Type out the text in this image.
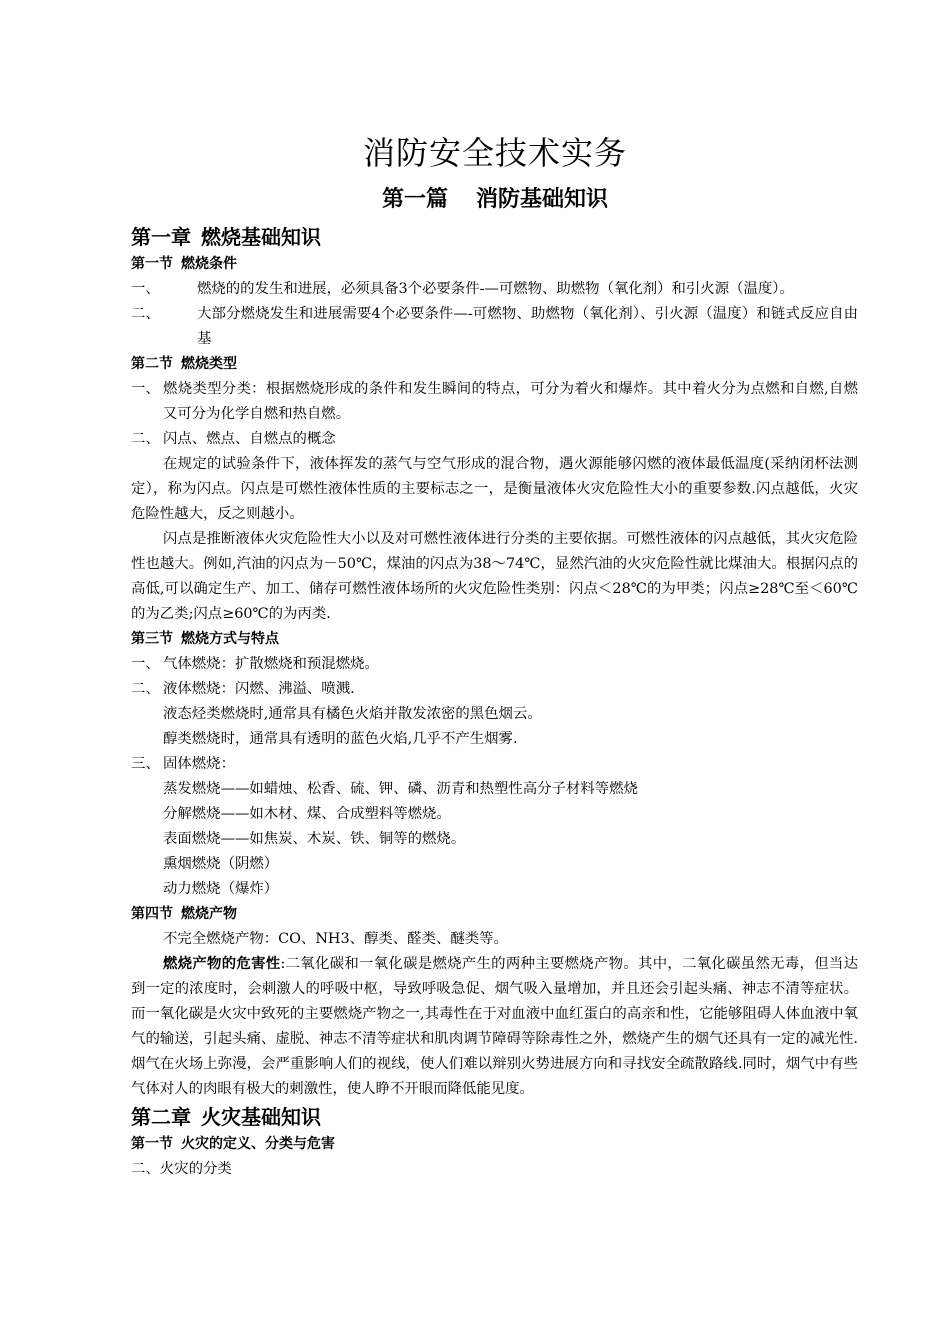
消防安全技术实务
第一篇 消防基础知识
第一章 燃烧基础知识
第一节 燃烧条件
一、	燃烧的的发生和进展，必须具备3个必要条件-—可燃物、助燃物（氧化剂）和引火源（温度）。
二、	大部分燃烧发生和进展需要4个必要条件—-可燃物、助燃物（氧化剂）、引火源（温度）和链式反应自由基
第二节 燃烧类型
一、 燃烧类型分类：根据燃烧形成的条件和发生瞬间的特点，可分为着火和爆炸。其中着火分为点燃和自燃,自燃又可分为化学自燃和热自燃。
二、 闪点、燃点、自燃点的概念
在规定的试验条件下，液体挥发的蒸气与空气形成的混合物，遇火源能够闪燃的液体最低温度(采纳闭杯法测定），称为闪点。闪点是可燃性液体性质的主要标志之一，是衡量液体火灾危险性大小的重要参数.闪点越低，火灾危险性越大，反之则越小。
闪点是推断液体火灾危险性大小以及对可燃性液体进行分类的主要依据。可燃性液体的闪点越低，其火灾危险性也越大。例如,汽油的闪点为－50℃，煤油的闪点为38～74℃，显然汽油的火灾危险性就比煤油大。根据闪点的高低,可以确定生产、加工、储存可燃性液体场所的火灾危险性类别：闪点＜28℃的为甲类；闪点≥28℃至＜60℃的为乙类;闪点≥60℃的为丙类.
第三节 燃烧方式与特点
一、 气体燃烧：扩散燃烧和预混燃烧。
二、 液体燃烧：闪燃、沸溢、喷溅.
液态烃类燃烧时,通常具有橘色火焰并散发浓密的黑色烟云。
醇类燃烧时，通常具有透明的蓝色火焰,几乎不产生烟雾.
三、 固体燃烧：
蒸发燃烧——如蜡烛、松香、硫、钾、磷、沥青和热塑性高分子材料等燃烧
分解燃烧——如木材、煤、合成塑料等燃烧。
表面燃烧——如焦炭、木炭、铁、铜等的燃烧。
熏烟燃烧（阴燃）
动力燃烧（爆炸）
第四节 燃烧产物
不完全燃烧产物：CO、NH3、醇类、醛类、醚类等。
燃烧产物的危害性:二氧化碳和一氧化碳是燃烧产生的两种主要燃烧产物。其中，二氧化碳虽然无毒，但当达到一定的浓度时，会刺激人的呼吸中枢，导致呼吸急促、烟气吸入量增加，并且还会引起头痛、神志不清等症状。而一氧化碳是火灾中致死的主要燃烧产物之一,其毒性在于对血液中血红蛋白的高亲和性，它能够阻碍人体血液中氧气的输送，引起头痛、虚脱、神志不清等症状和肌肉调节障碍等除毒性之外，燃烧产生的烟气还具有一定的减光性.烟气在火场上弥漫，会严重影响人们的视线，使人们难以辩别火势进展方向和寻找安全疏散路线.同时，烟气中有些气体对人的肉眼有极大的刺激性，使人睁不开眼而降低能见度。
第二章 火灾基础知识
第一节 火灾的定义、分类与危害
二、火灾的分类
